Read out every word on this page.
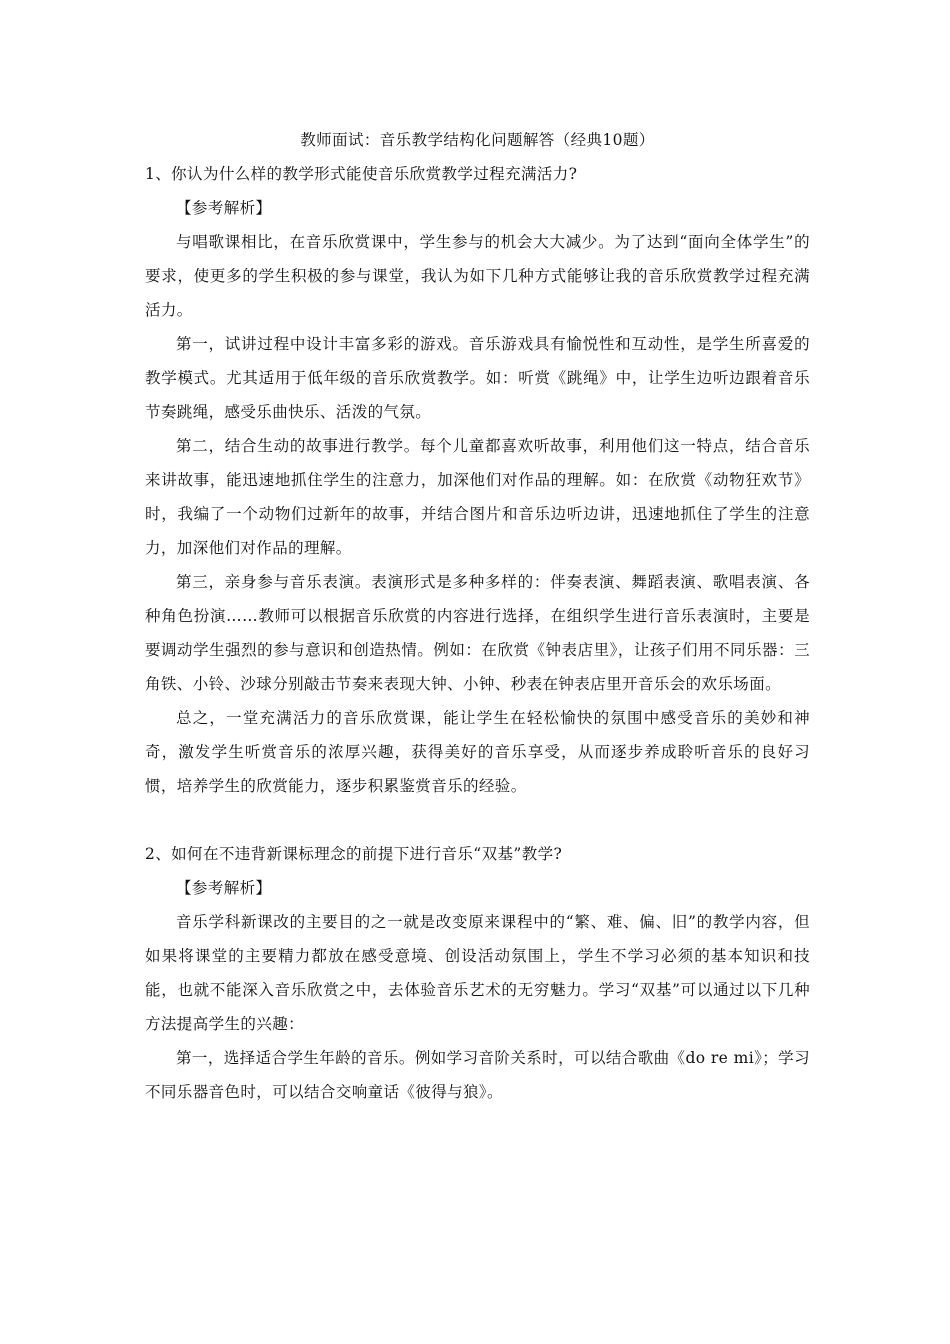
教师面试：音乐教学结构化问题解答（经典10题）

1、你认为什么样的教学形式能使音乐欣赏教学过程充满活力?

【参考解析】

与唱歌课相比，在音乐欣赏课中，学生参与的机会大大减少。为了达到“面向全体学生”的要求，使更多的学生积极的参与课堂，我认为如下几种方式能够让我的音乐欣赏教学过程充满活力。

第一，试讲过程中设计丰富多彩的游戏。音乐游戏具有愉悦性和互动性，是学生所喜爱的教学模式。尤其适用于低年级的音乐欣赏教学。如：听赏《跳绳》中，让学生边听边跟着音乐节奏跳绳，感受乐曲快乐、活泼的气氛。

第二，结合生动的故事进行教学。每个儿童都喜欢听故事，利用他们这一特点，结合音乐来讲故事，能迅速地抓住学生的注意力，加深他们对作品的理解。如：在欣赏《动物狂欢节》时，我编了一个动物们过新年的故事，并结合图片和音乐边听边讲，迅速地抓住了学生的注意力，加深他们对作品的理解。

第三，亲身参与音乐表演。表演形式是多种多样的：伴奏表演、舞蹈表演、歌唱表演、各种角色扮演……教师可以根据音乐欣赏的内容进行选择，在组织学生进行音乐表演时，主要是要调动学生强烈的参与意识和创造热情。例如：在欣赏《钟表店里》，让孩子们用不同乐器：三角铁、小铃、沙球分别敲击节奏来表现大钟、小钟、秒表在钟表店里开音乐会的欢乐场面。

总之，一堂充满活力的音乐欣赏课，能让学生在轻松愉快的氛围中感受音乐的美妙和神奇，激发学生听赏音乐的浓厚兴趣，获得美好的音乐享受，从而逐步养成聆听音乐的良好习惯，培养学生的欣赏能力，逐步积累鉴赏音乐的经验。

2、如何在不违背新课标理念的前提下进行音乐“双基”教学?

【参考解析】

音乐学科新课改的主要目的之一就是改变原来课程中的“繁、难、偏、旧”的教学内容，但如果将课堂的主要精力都放在感受意境、创设活动氛围上，学生不学习必须的基本知识和技能，也就不能深入音乐欣赏之中，去体验音乐艺术的无穷魅力。学习“双基”可以通过以下几种方法提高学生的兴趣：

第一，选择适合学生年龄的音乐。例如学习音阶关系时，可以结合歌曲《do re mi》；学习不同乐器音色时，可以结合交响童话《彼得与狼》。
